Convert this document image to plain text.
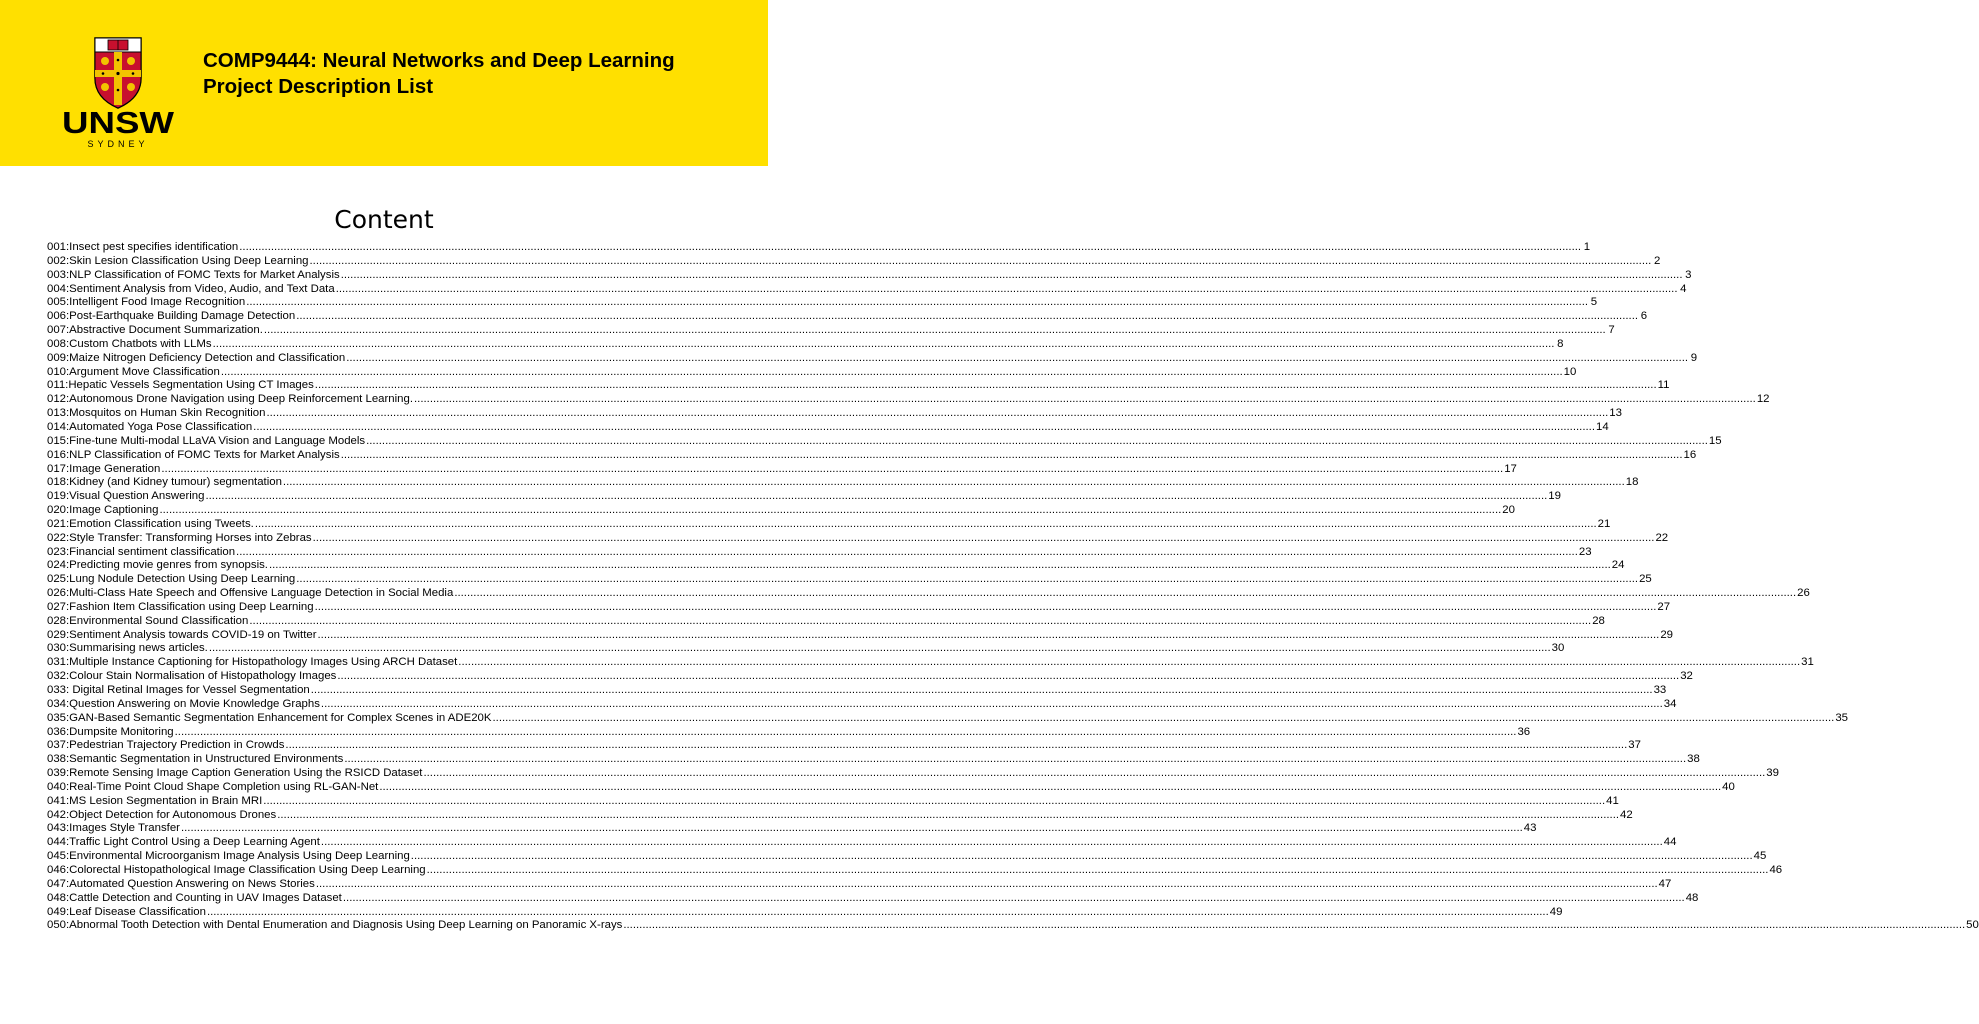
UNSW
SYDNEY
COMP9444: Neural Networks and Deep Learning
Project Description List
Content
001:Insect pest specifies identification .....	1
002:Skin Lesion Classification Using Deep Learning .....	2
003:NLP Classification of FOMC Texts for Market Analysis .....	3
004:Sentiment Analysis from Video, Audio, and Text Data .....	4
005:Intelligent Food Image Recognition .....	5
006:Post-Earthquake Building Damage Detection .....	6
007:Abstractive Document Summarization. .....	7
008:Custom Chatbots with LLMs .....	8
009:Maize Nitrogen Deficiency Detection and Classification .....	9
010:Argument Move Classification .....	10
011:Hepatic Vessels Segmentation Using CT Images .....	11
012:Autonomous Drone Navigation using Deep Reinforcement Learning. .....	12
013:Mosquitos on Human Skin Recognition .....	13
014:Automated Yoga Pose Classification .....	14
015:Fine-tune Multi-modal LLaVA Vision and Language Models .....	15
016:NLP Classification of FOMC Texts for Market Analysis .....	16
017:Image Generation .....	17
018:Kidney (and Kidney tumour) segmentation .....	18
019:Visual Question Answering .....	19
020:Image Captioning .....	20
021:Emotion Classification using Tweets. .....	21
022:Style Transfer: Transforming Horses into Zebras .....	22
023:Financial sentiment classification .....	23
024:Predicting movie genres from synopsis. .....	24
025:Lung Nodule Detection Using Deep Learning .....	25
026:Multi-Class Hate Speech and Offensive Language Detection in Social Media .....	26
027:Fashion Item Classification using Deep Learning .....	27
028:Environmental Sound Classification .....	28
029:Sentiment Analysis towards COVID-19 on Twitter .....	29
030:Summarising news articles. .....	30
031:Multiple Instance Captioning for Histopathology Images Using ARCH Dataset .....	31
032:Colour Stain Normalisation of Histopathology Images .....	32
033: Digital Retinal Images for Vessel Segmentation .....	33
034:Question Answering on Movie Knowledge Graphs .....	34
035:GAN-Based Semantic Segmentation Enhancement for Complex Scenes in ADE20K .....	35
036:Dumpsite Monitoring .....	36
037:Pedestrian Trajectory Prediction in Crowds .....	37
038:Semantic Segmentation in Unstructured Environments .....	38
039:Remote Sensing Image Caption Generation Using the RSICD Dataset .....	39
040:Real-Time Point Cloud Shape Completion using RL-GAN-Net .....	40
041:MS Lesion Segmentation in Brain MRI .....	41
042:Object Detection for Autonomous Drones .....	42
043:Images Style Transfer .....	43
044:Traffic Light Control Using a Deep Learning Agent .....	44
045:Environmental Microorganism Image Analysis Using Deep Learning .....	45
046:Colorectal Histopathological Image Classification Using Deep Learning .....	46
047:Automated Question Answering on News Stories .....	47
048:Cattle Detection and Counting in UAV Images Dataset .....	48
049:Leaf Disease Classification .....	49
050:Abnormal Tooth Detection with Dental Enumeration and Diagnosis Using Deep Learning on Panoramic X-rays .....	50
